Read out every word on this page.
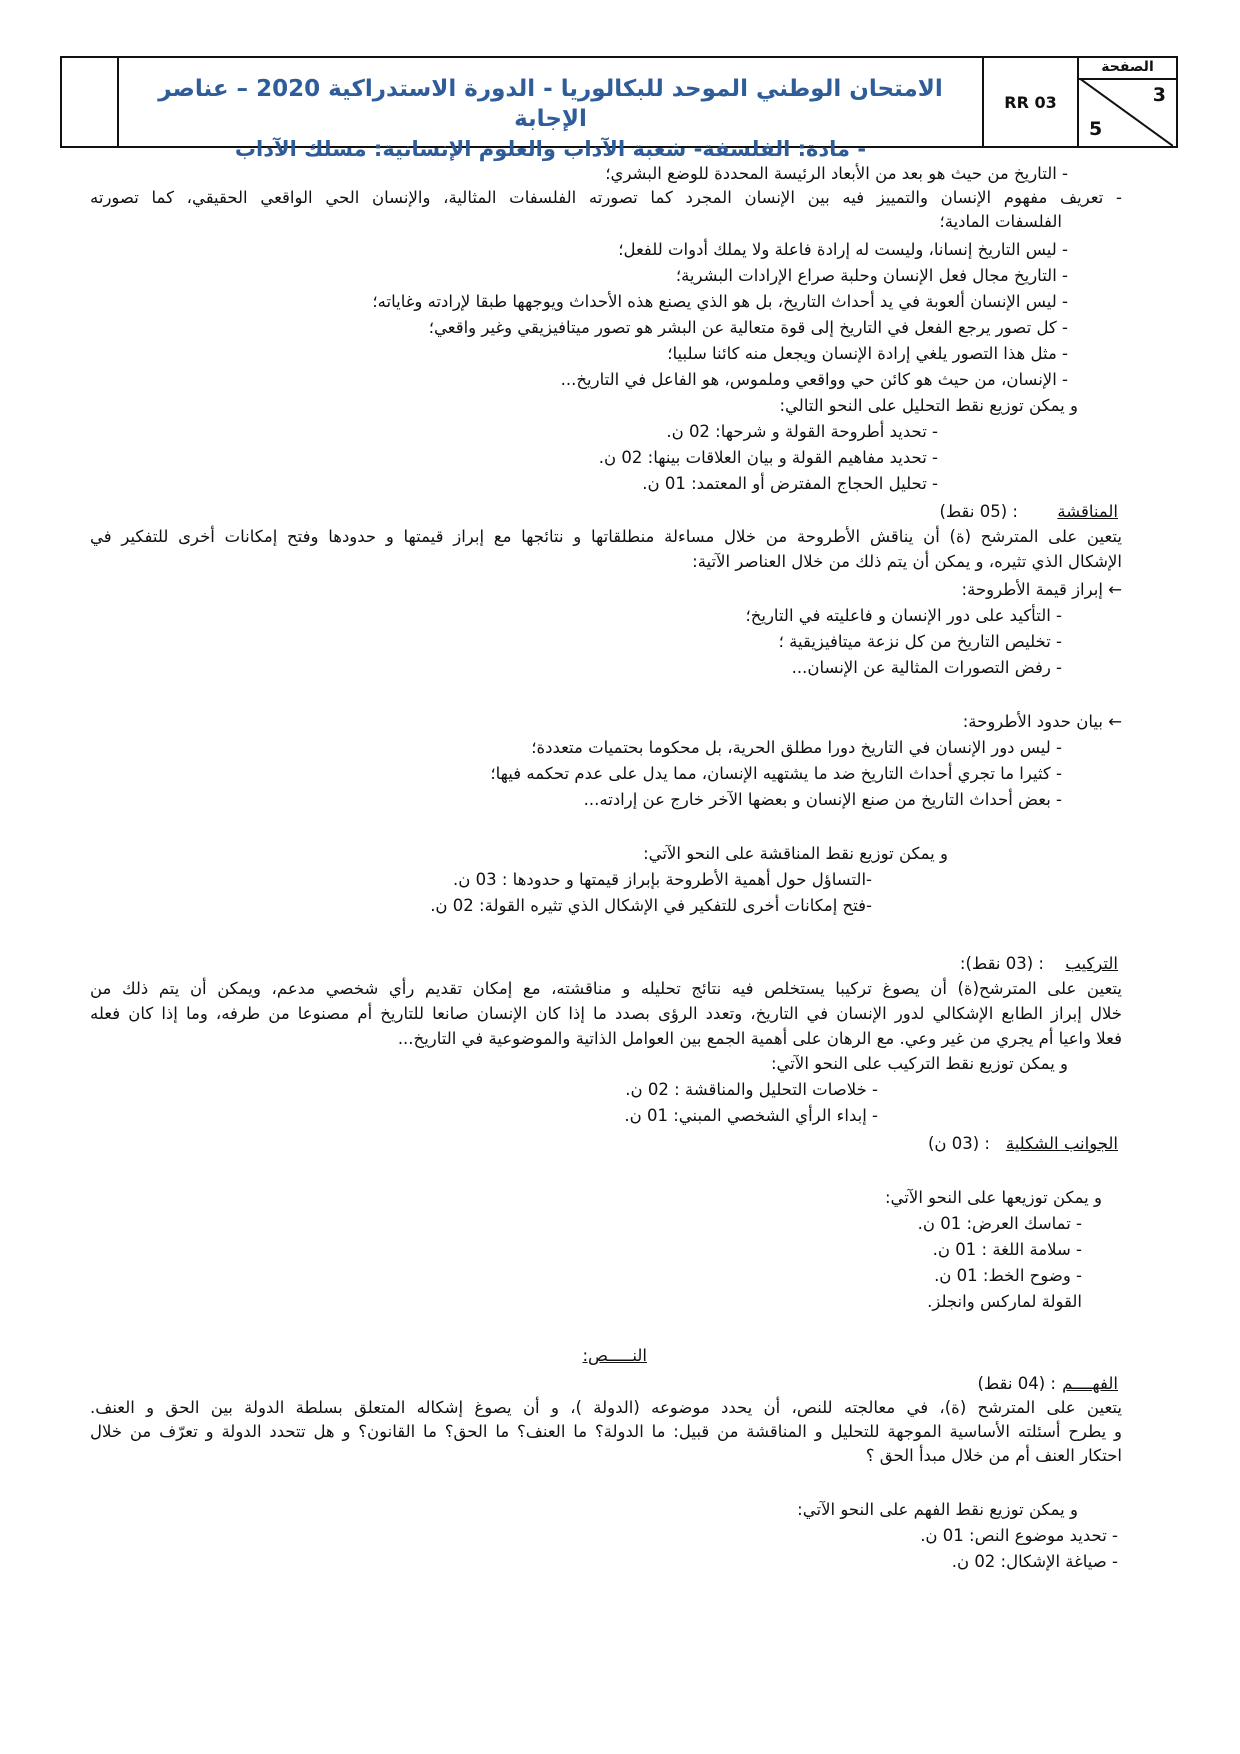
الامتحان الوطني الموحد للبكالوريا - الدورة الاستدراكية 2020 – عناصر الإجابة
- مادة: الفلسفة- شعبة الآداب والعلوم الإنسانية: مسلك الآداب
RR 03
الصفحة
3
5
- التاريخ من حيث هو بعد من الأبعاد الرئيسة المحددة للوضع البشري؛
- تعريف مفهوم الإنسان والتمييز فيه بين الإنسان المجرد كما تصورته الفلسفات المثالية، والإنسان الحي الواقعي الحقيقي، كما تصورته
الفلسفات المادية؛
- ليس التاريخ إنسانا، وليست له إرادة فاعلة ولا يملك أدوات للفعل؛
- التاريخ مجال فعل الإنسان وحلبة صراع الإرادات البشرية؛
- ليس الإنسان ألعوبة في يد أحداث التاريخ، بل هو الذي يصنع هذه الأحداث ويوجهها طبقا لإرادته وغاياته؛
- كل تصور يرجع الفعل في التاريخ إلى قوة متعالية عن البشر هو تصور ميتافيزيقي وغير واقعي؛
- مثل هذا التصور يلغي إرادة الإنسان ويجعل منه كائنا سلبيا؛
- الإنسان، من حيث هو كائن حي وواقعي وملموس، هو الفاعل في التاريخ...
و يمكن توزيع نقط التحليل على النحو التالي:
- تحديد أطروحة القولة و شرحها: 02 ن.
- تحديد مفاهيم القولة و بيان العلاقات بينها: 02 ن.
- تحليل الحجاج المفترض أو المعتمد: 01 ن.
المناقشة
: (05 نقط)
يتعين على المترشح (ة) أن يناقش الأطروحة من خلال مساءلة منطلقاتها و نتائجها مع إبراز قيمتها و حدودها وفتح إمكانات أخرى للتفكير في
الإشكال الذي تثيره، و يمكن أن يتم ذلك من خلال العناصر الآتية:
← إبراز قيمة الأطروحة:
- التأكيد على دور الإنسان و فاعليته في التاريخ؛
- تخليص التاريخ من كل نزعة ميتافيزيقية ؛
- رفض التصورات المثالية عن الإنسان...
← بيان حدود الأطروحة:
- ليس دور الإنسان في التاريخ دورا مطلق الحرية، بل محكوما بحتميات متعددة؛
- كثيرا ما تجري أحداث التاريخ ضد ما يشتهيه الإنسان، مما يدل على عدم تحكمه فيها؛
- بعض أحداث التاريخ من صنع الإنسان و بعضها الآخر خارج عن إرادته...
و يمكن توزيع نقط المناقشة على النحو الآتي:
-التساؤل حول أهمية الأطروحة بإبراز قيمتها و حدودها : 03 ن.
-فتح إمكانات أخرى للتفكير في الإشكال الذي تثيره القولة: 02 ن.
التركيب
: (03 نقط):
يتعين على المترشح(ة) أن يصوغ تركيبا يستخلص فيه نتائج تحليله و مناقشته، مع إمكان تقديم رأي شخصي مدعم، ويمكن أن يتم ذلك من
خلال إبراز الطابع الإشكالي لدور الإنسان في التاريخ، وتعدد الرؤى بصدد ما إذا كان الإنسان صانعا للتاريخ أم مصنوعا من طرفه، وما إذا كان فعله
فعلا واعيا أم يجري من غير وعي. مع الرهان على أهمية الجمع بين العوامل الذاتية والموضوعية في التاريخ...
و يمكن توزيع نقط التركيب على النحو الآتي:
- خلاصات التحليل والمناقشة : 02 ن.
- إبداء الرأي الشخصي المبني: 01 ن.
الجوانب الشكلية
: (03 ن)
و يمكن توزيعها على النحو الآتي:
- تماسك العرض: 01 ن.
- سلامة اللغة : 01 ن.
- وضوح الخط: 01 ن.
القولة لماركس وانجلز.
النـــــص:
الفهــــم
: (04 نقط)
يتعين على المترشح (ة)، في معالجته للنص، أن يحدد موضوعه (الدولة )، و أن يصوغ إشكاله المتعلق بسلطة الدولة بين الحق و العنف.
و يطرح أسئلته الأساسية الموجهة للتحليل و المناقشة من قبيل: ما الدولة؟ ما العنف؟ ما الحق؟ ما القانون؟ و هل تتحدد الدولة و تعرّف من خلال
احتكار العنف أم من خلال مبدأ الحق ؟
و يمكن توزيع نقط الفهم على النحو الآتي:
- تحديد موضوع النص: 01 ن.
- صياغة الإشكال: 02 ن.
